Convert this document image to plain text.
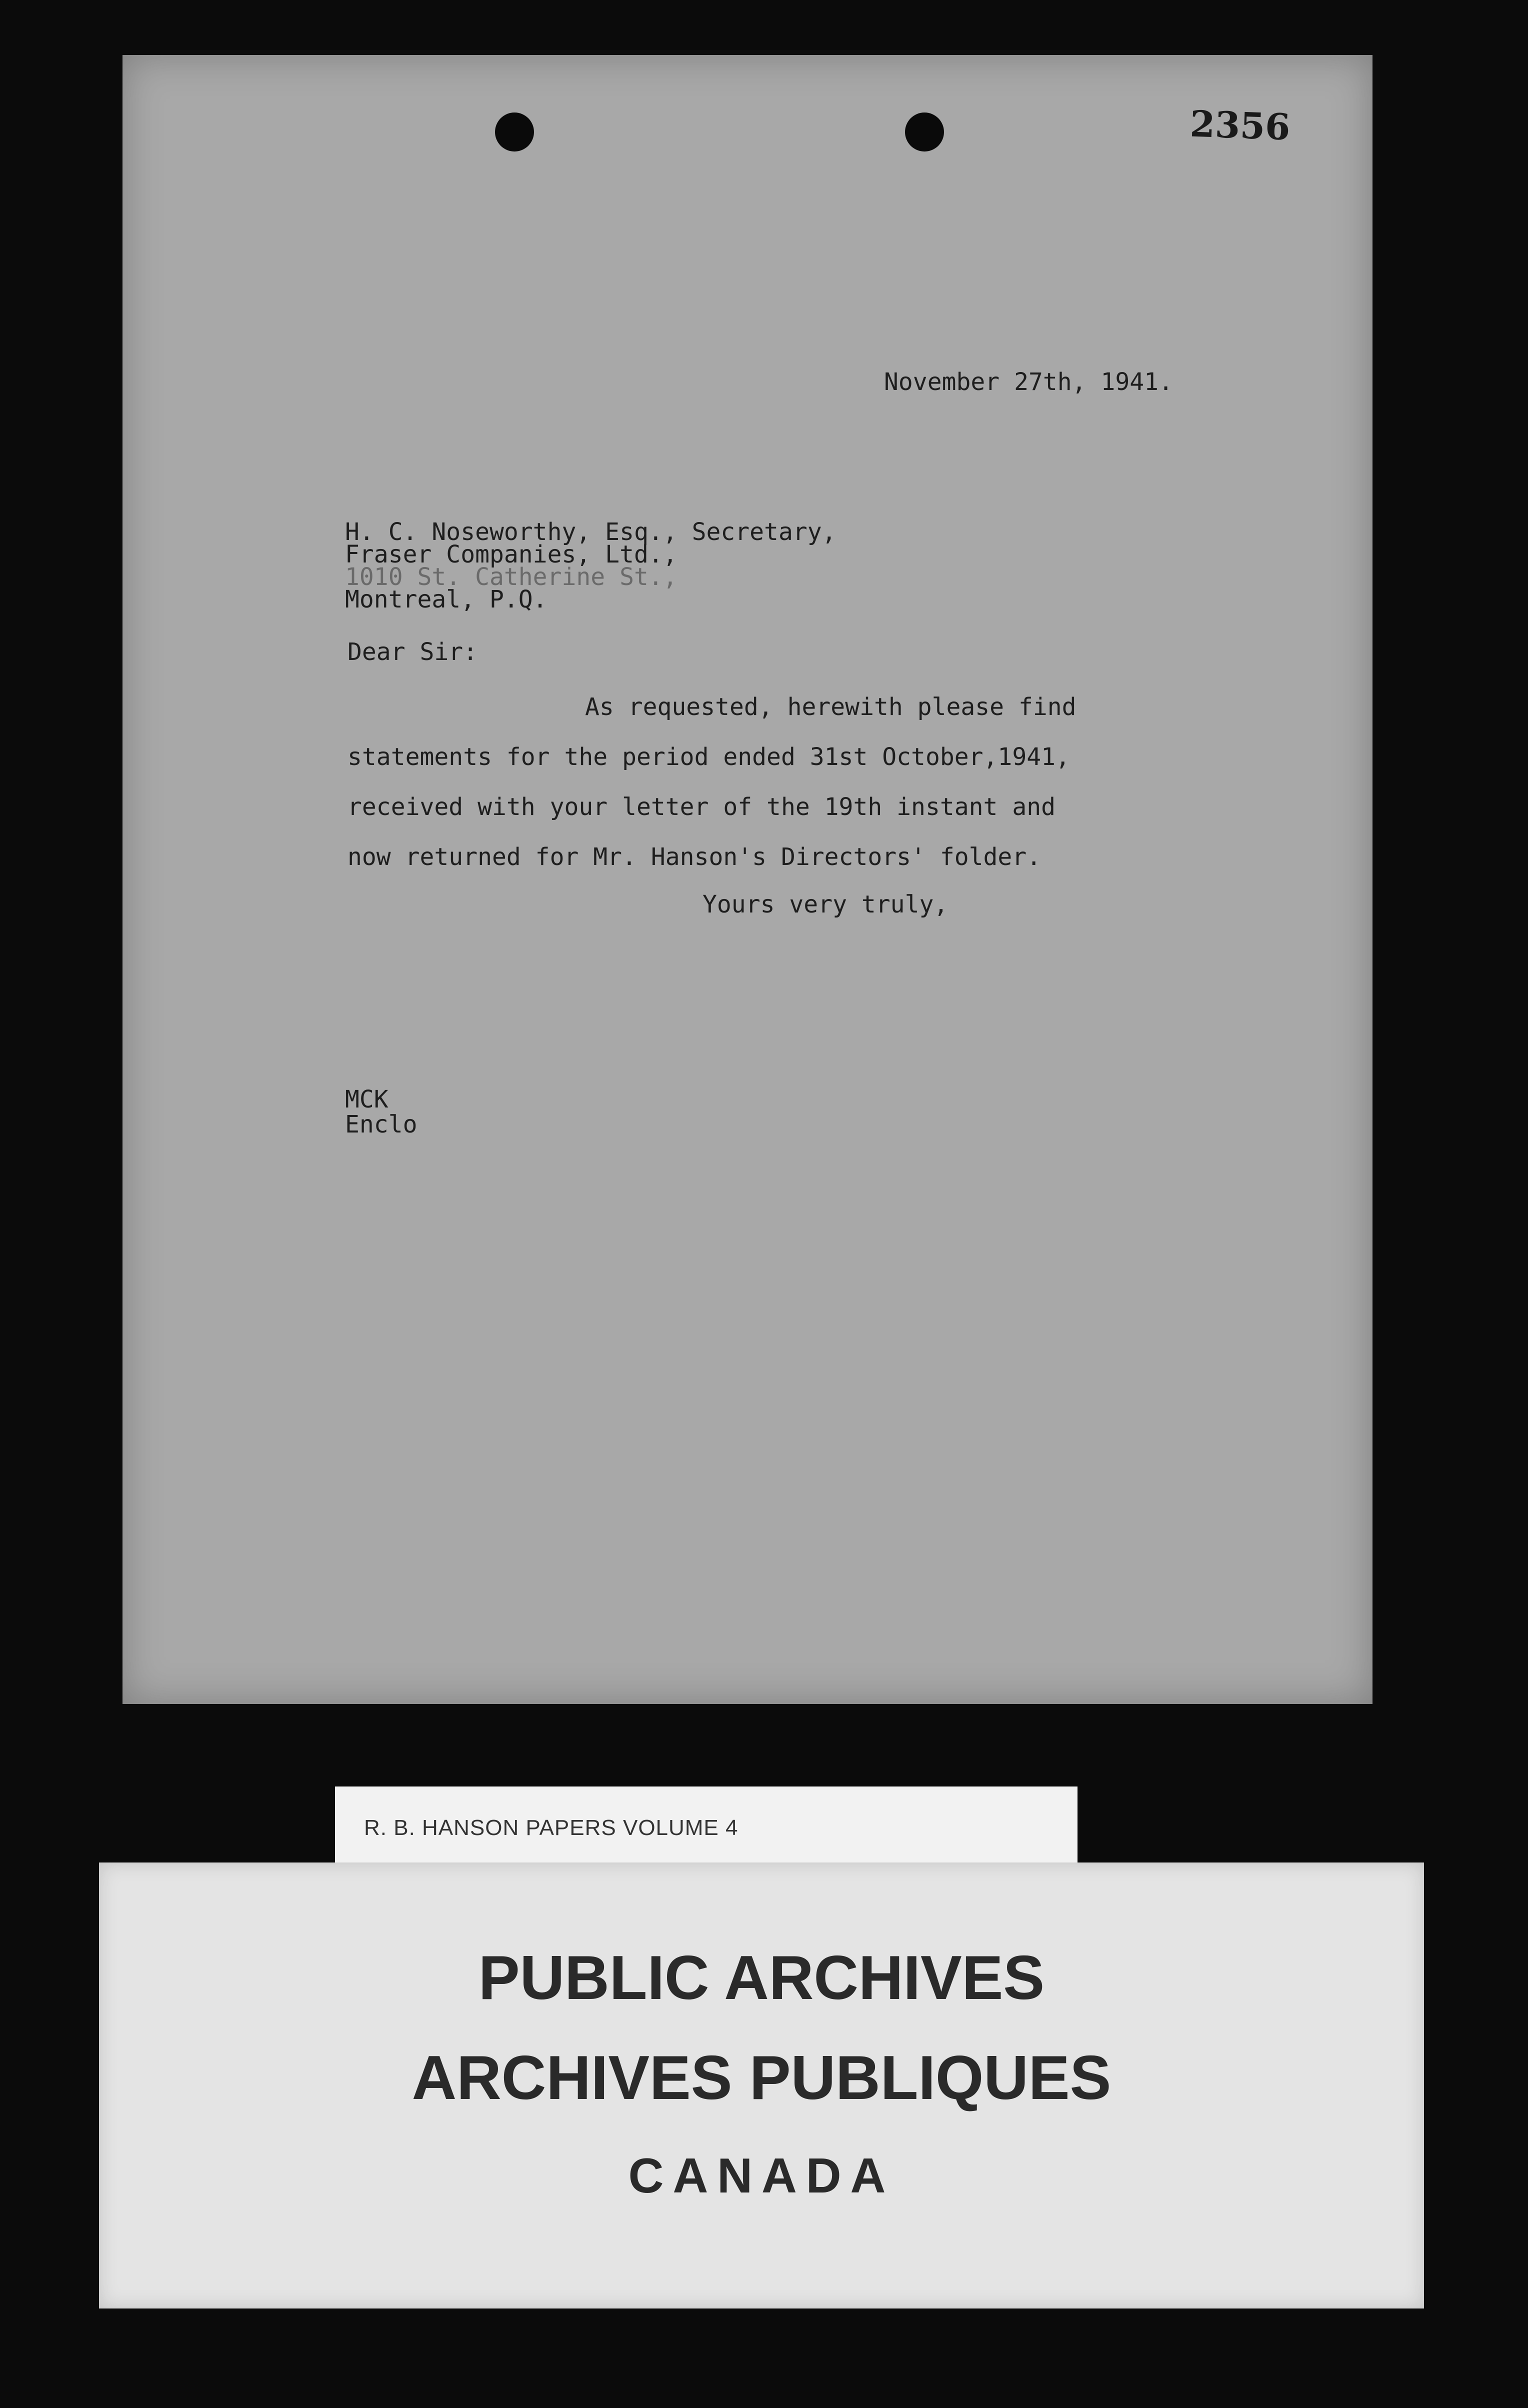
2356
November 27th, 1941.
H. C. Noseworthy, Esq., Secretary,
Fraser Companies, Ltd.,
1010 St. Catherine St.,
Montreal, P.Q.
Dear Sir:
As requested, herewith please find
statements for the period ended 31st October,1941,
received with your letter of the 19th instant and
now returned for Mr. Hanson's Directors' folder.
Yours very truly,
MCK
Enclo
R. B. HANSON PAPERS VOLUME 4
PUBLIC ARCHIVES
ARCHIVES PUBLIQUES
CANADA
